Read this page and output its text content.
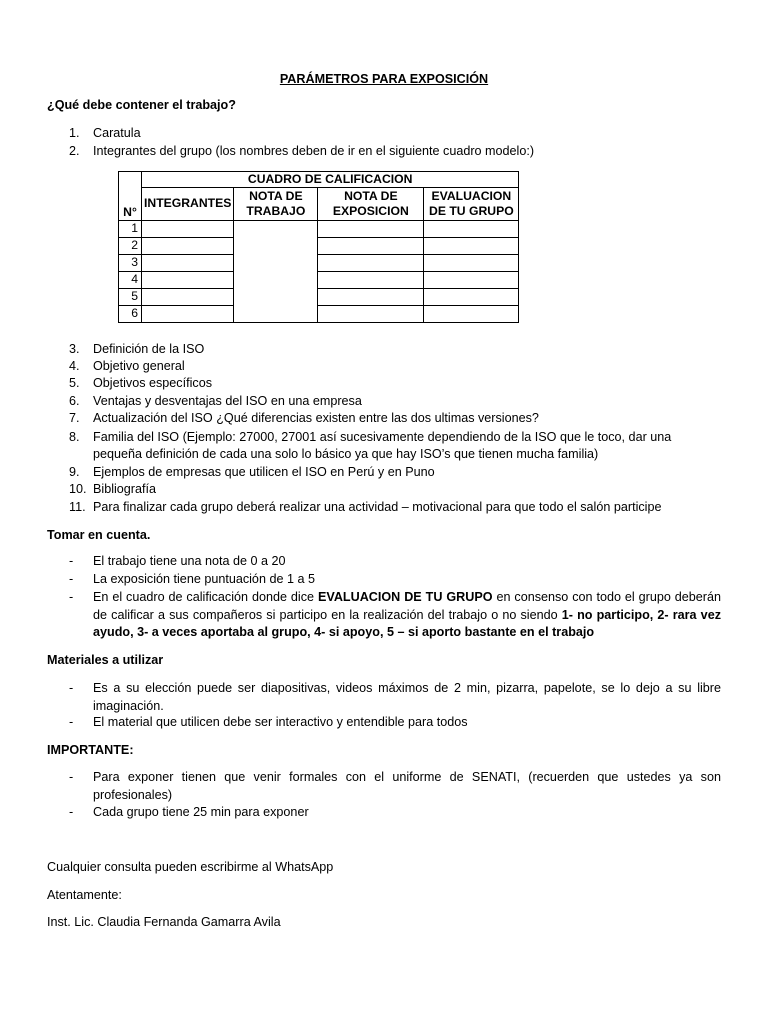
PARÁMETROS PARA EXPOSICIÓN
¿Qué debe contener el trabajo?
1. Caratula
2. Integrantes del grupo (los nombres deben de ir en el siguiente cuadro modelo:)
	CUADRO DE CALIFICACION			
N°	INTEGRANTES	NOTA DE TRABAJO	NOTA DE EXPOSICION	EVALUACION DE TU GRUPO
1				
2				
3				
4				
5				
6				
3. Definición de la ISO
4. Objetivo general
5. Objetivos específicos
6. Ventajas y desventajas del ISO en una empresa
7. Actualización del ISO ¿Qué diferencias existen entre las dos ultimas versiones?
8. Familia del ISO (Ejemplo: 27000, 27001 así sucesivamente dependiendo de la ISO que le toco, dar una
pequeña definición de cada una solo lo básico ya que hay ISO’s que tienen mucha familia)
9. Ejemplos de empresas que utilicen el ISO en Perú y en Puno
10. Bibliografía
11. Para finalizar cada grupo deberá realizar una actividad – motivacional para que todo el salón participe
Tomar en cuenta.
- El trabajo tiene una nota de 0 a 20
- La exposición tiene puntuación de 1 a 5
- En el cuadro de calificación donde dice EVALUACION DE TU GRUPO en consenso con todo el grupo deberán de calificar a sus compañeros si participo en la realización del trabajo o no siendo 1- no participo, 2- rara vez ayudo, 3- a veces aportaba al grupo, 4- si apoyo, 5 – si aporto bastante en el trabajo
Materiales a utilizar
- Es a su elección puede ser diapositivas, videos máximos de 2 min, pizarra, papelote, se lo dejo a su libre imaginación.
- El material que utilicen debe ser interactivo y entendible para todos
IMPORTANTE:
- Para exponer tienen que venir formales con el uniforme de SENATI, (recuerden que ustedes ya son profesionales)
- Cada grupo tiene 25 min para exponer
Cualquier consulta pueden escribirme al WhatsApp
Atentamente:
Inst. Lic. Claudia Fernanda Gamarra Avila
